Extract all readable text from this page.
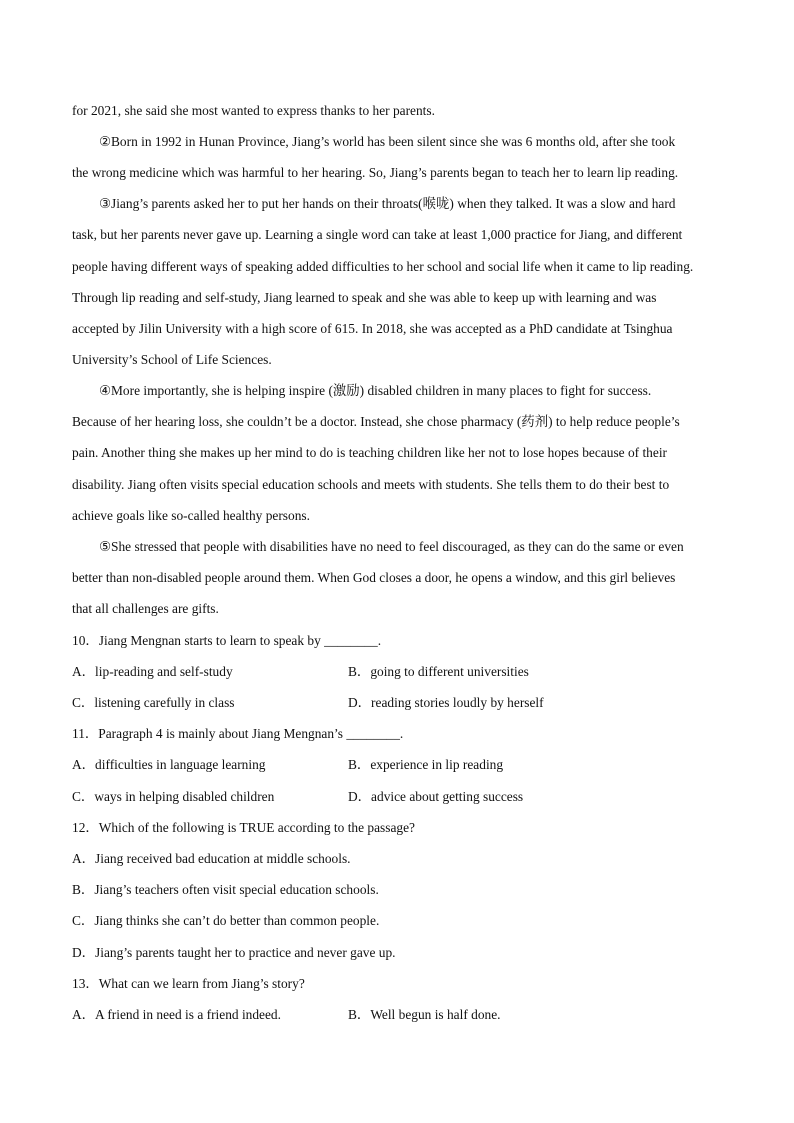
for 2021, she said she most wanted to express thanks to her parents.
②Born in 1992 in Hunan Province, Jiang’s world has been silent since she was 6 months old, after she took
the wrong medicine which was harmful to her hearing. So, Jiang’s parents began to teach her to learn lip reading.
③Jiang’s parents asked her to put her hands on their throats(喉咙) when they talked. It was a slow and hard
task, but her parents never gave up. Learning a single word can take at least 1,000 practice for Jiang, and different
people having different ways of speaking added difficulties to her school and social life when it came to lip reading.
Through lip reading and self-study, Jiang learned to speak and she was able to keep up with learning and was
accepted by Jilin University with a high score of 615. In 2018, she was accepted as a PhD candidate at Tsinghua
University’s School of Life Sciences.
④More importantly, she is helping inspire (激励) disabled children in many places to fight for success.
Because of her hearing loss, she couldn’t be a doctor. Instead, she chose pharmacy (药剂) to help reduce people’s
pain. Another thing she makes up her mind to do is teaching children like her not to lose hopes because of their
disability. Jiang often visits special education schools and meets with students. She tells them to do their best to
achieve goals like so-called healthy persons.
⑤She stressed that people with disabilities have no need to feel discouraged, as they can do the same or even
better than non-disabled people around them. When God closes a door, he opens a window, and this girl believes
that all challenges are gifts.
10．Jiang Mengnan starts to learn to speak by ________.
A．lip-reading and self-study	B．going to different universities
C．listening carefully in class	D．reading stories loudly by herself
11．Paragraph 4 is mainly about Jiang Mengnan’s ________.
A．difficulties in language learning	B．experience in lip reading
C．ways in helping disabled children	D．advice about getting success
12．Which of the following is TRUE according to the passage?
A．Jiang received bad education at middle schools.
B．Jiang’s teachers often visit special education schools.
C．Jiang thinks she can’t do better than common people.
D．Jiang’s parents taught her to practice and never gave up.
13．What can we learn from Jiang’s story?
A．A friend in need is a friend indeed.	B．Well begun is half done.
